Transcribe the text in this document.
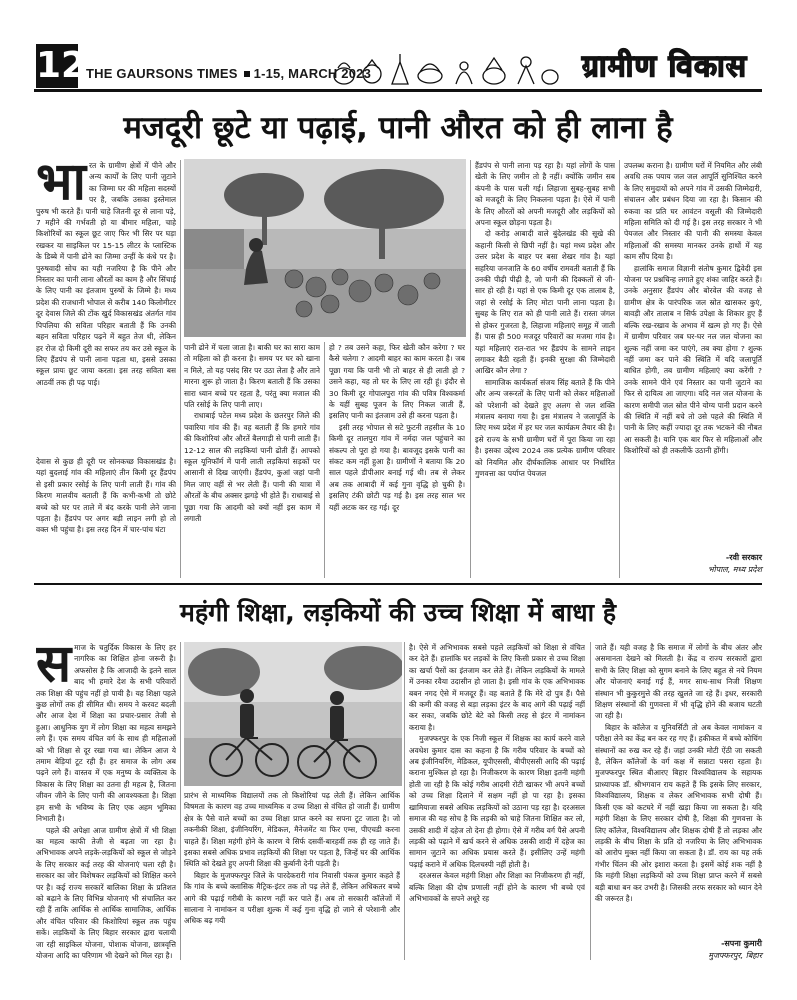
12 THE GAURSONS TIMES 1-15, MARCH 2023	ग्रामीण विकास
मजदूरी छूटे या पढ़ाई, पानी औरत को ही लाना है
भा रत के ग्रामीण क्षेत्रों में पीने और अन्य कार्यों के लिए पानी जुटाने का जिम्मा घर की महिला सदस्यों पर है, जबकि उसका इस्तेमाल पुरुष भी करते हैं। पानी चाहे जितनी दूर से लाना पड़े, 7 महीने की गर्भवती हो या बीमार महिला, चाहे किशोरियों का स्कूल छूट जाए फिर भी सिर पर घड़ा रखकर या साइकिल पर 15-15 लीटर के प्लास्टिक के डिब्बे में पानी ढोने का जिम्मा उन्हीं के कंधे पर है। पुरुषवादी सोच का यही नजरिया है कि पीने और निस्तार का पानी लाना औरतों का काम है और सिंचाई के लिए पानी का इंतजाम पुरुषों के जिम्मे है। मध्य प्रदेश की राजधानी भोपाल से करीब 140 किलोमीटर दूर देवास जिले की टोंक खुर्द विकासखंड अंतर्गत गांव पिपलिया की सविता परिहार बताती हैं कि उनकी बहन सविता परिहार पढ़ने में बहुत तेज थी, लेकिन हर रोज दो किमी दूरी का सफर तय कर उसे स्कूल के लिए हैंडपंप से पानी लाना पड़ता था, इससे उसका स्कूल प्रायः छूट जाया करता। इस तरह सविता बस आठवीं तक ही पढ़ पाई।

देवास से कुछ ही दूरी पर सोनकच्छ विकासखंड है। यहां बुदलाई गांव की महिलाएं तीन किमी दूर हैंडपंप से इसी प्रकार रसोई के लिए पानी लाती हैं। गांव की किरण मालवीय बताती हैं कि कभी-कभी तो छोटे बच्चे को घर पर ताले में बंद करके पानी लेने जाना पड़ता है। हैंडपंप पर अगर बड़ी लाइन लगी हो तो वक्त भी पहुंचा है। इस तरह दिन में चार-पांच घंटा

पानी ढोने में चला जाता है। बाकी घर का सारा काम तो महिला को ही करना है। समय पर घर को खाना न मिले, तो यह पसंद सिर पर उठा लेता है और ताने मारना शुरू हो जाता है। किरण बताती हैं कि उसका सारा ध्यान बच्चे पर रहता है, परंतु क्या मजाल की पति रसोई के लिए पानी लाए।

राधाबाई पटेल मध्य प्रदेश के छतरपुर जिले की पवारिया गांव की हैं। वह बताती हैं कि हमारे गांव की किशोरियां और औरतें बैलगाड़ी से पानी लाती हैं। 12-12 साल की लड़कियां पानी ढोती हैं। आपको स्कूल यूनिफॉर्म में पानी लाती लड़कियां सड़कों पर आसानी से दिख जाएंगी। हैंडपंप, कुआं जहां पानी मिल जाए वहीं से भर लेती हैं। पानी की यात्रा में औरतों के बीच अक्सर झगड़े भी होते हैं। राधाबाई से पूछा गया कि आदमी को क्यों नहीं इस काम में लगाती

हो ? तब उसने कहा, फिर खेती कौन करेगा ? घर कैसे चलेगा ? आदमी बाहर का काम करता है। जब पूछा गया कि पानी भी तो बाहर से ही लाती हो ? उसने कहा, यह तो घर के लिए ला रही हूं। इंदौर से 30 किमी दूर गोपालपुरा गांव की पवित्र विश्वकर्मा के यहीं सुबह पूजन के लिए निकल जाती हैं, इसलिए पानी का इंतजाम उसे ही करना पड़ता है।

इसी तरह भोपाल से सटे फुटनी तहसील के 10 किमी दूर तालपुरा गांव में नर्मदा जल पहुंचाने का संकल्प तो पूरा हो गया है। बावजूद इसके पानी का संकट कम नहीं हुआ है। ग्रामीणों ने बताया कि 20 साल पहले डीपीआर बनाई गई थी। तब से लेकर अब तक आबादी में कई गुना वृद्धि हो चुकी है। इसलिए टंकी छोटी पड़ गई है। इस तरह साल भर यहीं अटक कर रह गई। दूर

हैंडपंप से पानी लाना पड़ रहा है। यहां लोगों के पास खेती के लिए जमीन तो है नहीं। क्योंकि जमीन सब कंपनी के पास चली गई। लिहाजा सुबह-सुबह सभी को मजदूरी के लिए निकलना पड़ता है। ऐसे में पानी के लिए औरतों को अपनी मजदूरी और लड़कियों को अपना स्कूल छोड़ना पड़ता है।

दो करोड़ आबादी वाले बुंदेलखंड की सूखे की कहानी किसी से छिपी नहीं है। यहां मध्य प्रदेश और उत्तर प्रदेश के बाहर पर बसा शेखर गांव है। यहां सहरिया जनजाति के 60 वर्षीय रामवती बताती हैं कि उनकी पीढ़ी पीढ़ी है, जो पानी की दिक्कतों से जी-सार हो रही है। यहां से एक किमी दूर एक तालाब है, जहां से रसोई के लिए मोटा पानी लाना पड़ता है। सुबह के लिए रात को ही पानी लाते हैं। रास्ता जंगल से होकर गुजरता है, लिहाजा महिलाएं समूह में जाती हैं। पास ही 500 मजदूर परिवारों का मजमा गांव है। यहां महिलाएं रात-रात भर हैंडपंप के सामने लाइन लगाकर बैठी रहती हैं। इनकी सुरक्षा की जिम्मेदारी आखिर कौन लेगा ?

सामाजिक कार्यकर्ता संजय सिंह बताते हैं कि पीने और अन्य जरूरतों के लिए पानी को लेकर महिलाओं को परेशानी को देखते हुए अलग से जल शक्ति मंत्रालय बनाया गया है। इस मंत्रालय ने जलापूर्ति के लिए मध्य प्रदेश में हर घर जल कार्यक्रम तैयार की है। इसे राज्य के सभी ग्रामीण घरों में पूरा किया जा रहा है। इसका उद्देश्य 2024 तक प्रत्येक ग्रामीण परिवार को नियमित और दीर्घकालिक आधार पर निर्धारित गुणवत्ता का पर्याप्त पेयजल

उपलब्ध कराना है। ग्रामीण घरों में नियमित और लंबी अवधि तक पयाय जल जल आपूर्ति सुनिश्चित करने के लिए समुदायों को अपने गांव में उसकी जिम्मेदारी, संचालन और प्रबंधन दिया जा रहा है। किसान की रुकवा का प्रति घर आवंटन वसूली की जिम्मेदारी महिला समिति को दी गई है। इस तरह सरकार ने भी पेयजल और निस्तार की पानी की समस्या केवल महिलाओं की समस्या मानकर उनके हाथों में यह काम सौंप दिया है।

हालांकि समाज विज्ञानी संतोष कुमार द्विवेदी इस योजना पर प्रश्नचिन्ह लगाते हुए शंका जाहिर करते हैं। उनके अनुसार हैंडपंप और बोरवेल की वजह से ग्रामीण क्षेत्र के पारंपरिक जल स्रोत खासकर कुएं, बावड़ी और तालाब न सिर्फ उपेक्षा के शिकार हुए हैं बल्कि रख-रखाव के अभाव में खत्म हो गए हैं। ऐसे में ग्रामीण परिवार जब घर-घर नल जल योजना का शुल्क नहीं जमा कर पाएंगे, तब क्या होगा ? शुल्क नहीं जमा कर पाने की स्थिति में यदि जलापूर्ति बाधित होगी, तब ग्रामीण महिलाएं क्या करेंगी ? उनके सामने पीने एवं निस्तार का पानी जुटाने का फिर से दायित्व आ जाएगा। यदि नल जल योजना के कारण समीपी जल स्रोत पीने योग्य पानी प्रदान करने की स्थिति में नहीं बचे तो उसे पहले की स्थिति में पानी के लिए कहीं ज्यादा दूर तक भटकने की नौबत आ सकती है। यानि एक बार फिर से महिलाओं और किशोरियों को ही तकलीफें उठानी होंगी।

-रवी सरकार
भोपाल, मध्य प्रदेश
महंगी शिक्षा, लड़कियों की उच्च शिक्षा में बाधा है
स माज के चतुर्दिक विकास के लिए हर नागरिक का शिक्षित होना जरूरी है। अफसोस है कि आजादी के इतने साल बाद भी हमारे देश के सभी परिवारों तक शिक्षा की पहुंच नहीं हो पायी है। यह शिक्षा पहले कुछ लोगों तक ही सीमित थी। समय ने करवट बदली और आज देश में शिक्षा का प्रचार-प्रसार तेजी से हुआ। आधुनिक युग में लोग शिक्षा का महत्व समझने लगे हैं। एक समय वंचित वर्ग के साथ ही महिलाओं को भी शिक्षा से दूर रखा गया था। लेकिन आज ये तमाम बेड़ियां टूट रही हैं। हर समाज के लोग अब पढ़ने लगे हैं। वास्तव में एक मनुष्य के व्यक्तित्व के विकास के लिए शिक्षा का उतना ही महत्व है, जितना जीवन जीने के लिए पानी की आवश्यकता है। शिक्षा हम सभी के भविष्य के लिए एक अहम भूमिका निभाती है।

पहले की अपेक्षा आज ग्रामीण क्षेत्रों में भी शिक्षा का महत्व काफी तेजी से बढ़ता जा रहा है। अभिभावक अपने लड़के-लड़कियों को स्कूल से जोड़ने के लिए सरकार कई तरह की योजनाएं चला रही है। सरकार का जोर विशेषकर लड़कियों को शिक्षित करने पर है। कई राज्य सरकारें बालिका शिक्षा के प्रतिशत को बढ़ाने के लिए विभिन्न योजनाएं भी संचालित कर रही हैं ताकि आर्थिक से आर्थिक सामाजिक, आर्थिक और वंचित परिवार की किशोरियां स्कूल तक पहुंच सकें। लड़कियों के लिए बिहार सरकार द्वारा चलायी जा रही साइकिल योजना, पोशाक योजना, छात्रवृत्ति योजना आदि का परिणाम भी देखने को मिल रहा है।

प्रारंभ से माध्यमिक विद्यालयों तक तो किशोरियां पढ़ लेती हैं। लेकिन आर्थिक विषमता के कारण वह उच्च माध्यमिक व उच्च शिक्षा से वंचित हो जाती हैं। ग्रामीण क्षेत्र के पैसे वाले बच्चों का उच्च शिक्षा प्राप्त करने का सपना टूट जाता है। जो तकनीकी शिक्षा, इंजीनियरिंग, मेडिकल, मैनेजमेंट या फिर एम्स, पीएचडी करना चाहते हैं। शिक्षा महंगी होने के कारण ये सिर्फ दसवीं-बारहवीं तक ही रह जाते हैं। इसका सबसे अधिक प्रभाव लड़कियों की शिक्षा पर पड़ता है, जिन्हें घर की आर्थिक स्थिति को देखते हुए अपनी शिक्षा की कुर्बानी देनी पड़ती है।

बिहार के मुजफ्फरपुर जिले के पारदेकरारी गांव निवासी पंकज कुमार कहते हैं कि गांव के बच्चे क्लासिक मैट्रिक-इंटर तक तो पढ़ लेते हैं, लेकिन अधिकतर बच्चे आगे की पढ़ाई गरीबी के कारण नहीं कर पाते हैं। अब तो सरकारी कॉलेजों में सालाना ने नामांकन व परीक्षा शुल्क में कई गुना वृद्धि हो जाने से परेशानी और अधिक बढ़ गयी

है। ऐसे में अभिभावक सबसे पहले लड़कियों को शिक्षा से वंचित कर देते हैं। हालांकि घर लड़कों के लिए किसी प्रकार से उच्च शिक्षा का खर्चा पैसों का इंतजाम कर लेते हैं। लेकिन लड़कियों के मामले में उनका रवैया उदासीन हो जाता है। इसी गांव के एक अभिभावक बबन नगद ऐसे में मजदूर हैं। वह बताते हैं कि मेरे दो पुत्र हैं। पैसे की कमी की वजह से बड़ा लड़का इंटर के बाद आगे की पढ़ाई नहीं कर सका, जबकि छोटे बेटे को किसी तरह से इंटर में नामांकन कराया है।

मुजफ्फरपुर के एक निजी स्कूल में शिक्षक का कार्य करने वाले अवधेश कुमार दास का कहना है कि गरीब परिवार के बच्चों को अब इंजीनियरिंग, मेडिकल, यूपीएससी, बीपीएससी आदि की पढ़ाई कराना मुश्किल हो रहा है। निजीकरण के कारण शिक्षा इतनी महंगी होती जा रही है कि कोई गरीब आदमी रोटी खाकर भी अपने बच्चों को उच्च शिक्षा दिलाने में सक्षम नहीं हो पा रहा है। इसका खामियाजा सबसे अधिक लड़कियों को उठाना पड़ रहा है। दरअसल समाज की यह सोच है कि लड़की को चाहे जितना शिक्षित कर लो, उसकी शादी में दहेज तो देना ही होगा। ऐसे में गरीब वर्ग पैसे अपनी लड़की को पढ़ाने में खर्च करने से अधिक उसकी शादी में दहेज का सामान जुटाने का अधिक प्रयास करते हैं। इसीलिए उन्हें महंगी पढ़ाई कराने में अधिक दिलचस्पी नहीं होती है।

दरअसल केवल महंगी शिक्षा और शिक्षा का निजीकरण ही नहीं, बल्कि शिक्षा की दोष प्रणाली नहीं होने के कारण भी बच्चे एवं अभिभावकों के सपने अधूरे रह

जाते हैं। यही वजह है कि समाज में लोगों के बीच अंतर और असमानता देखने को मिलती है। केंद्र व राज्य सरकारों द्वारा सभी के लिए शिक्षा को सुगम बनाने के लिए बहुत से नये नियम और योजनाएं बनाई गई हैं, मगर साथ-साथ निजी शिक्षण संस्थान भी कुकुरमुत्ते की तरह खुलते जा रहे हैं। इधर, सरकारी शिक्षण संस्थानों की गुणवत्ता में भी वृद्धि होने की बजाय घटती जा रही है।

बिहार के कॉलेज व यूनिवर्सिटी तो अब केवल नामांकन व परीक्षा लेने का केंद्र बन कर रह गए हैं। हकीकत में बच्चे कोचिंग संस्थानों का रुख कर रहे हैं। जहां उनकी मोटी ऐंठी जा सकती है, लेकिन कॉलेजों के वर्ग कक्ष में सन्नाटा पसरा रहता है। मुजफ्फरपुर स्थित बीआरए बिहार विश्वविद्यालय के सहायक प्राध्यापक डॉ. श्रीभगवान राय कहते हैं कि इसके लिए सरकार, विश्वविद्यालय, शिक्षक व लेकर अभिभावक सभी दोषी हैं। किसी एक को कटघरे में नहीं खड़ा किया जा सकता है। यदि महंगी शिक्षा के लिए सरकार दोषी है, शिक्षा की गुणवत्ता के लिए कॉलेज, विश्वविद्यालय और शिक्षक दोषी हैं तो लड़का और लड़की के बीच शिक्षा के प्रति दो नजरिया के लिए अभिभावक को आरोप मुक्त नहीं किया जा सकता है। डॉ. राय का यह तर्क गंभीर चिंतन की ओर इशारा करता है। इसमें कोई शक नहीं है कि महंगी शिक्षा लड़कियों को उच्च शिक्षा प्राप्त करने में सबसे बड़ी बाधा बन कर उभरी है। जिसकी तरफ सरकार को ध्यान देने की जरूरत है।

-सपना कुमारी
मुजफ्फरपुर, बिहार
